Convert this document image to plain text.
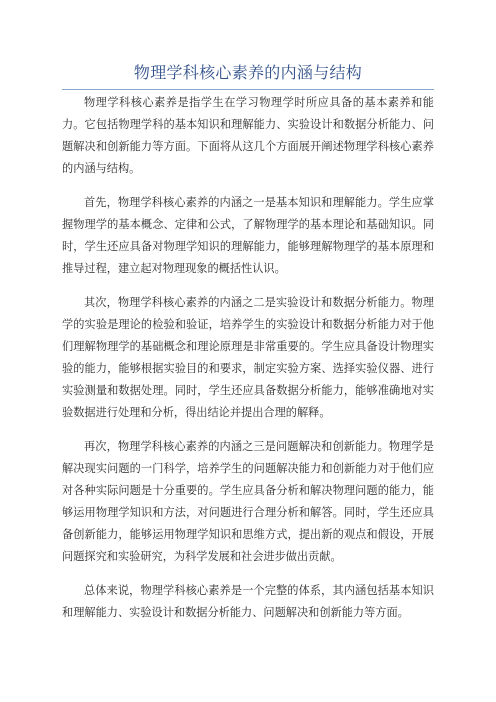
物理学科核心素养的内涵与结构

物理学科核心素养是指学生在学习物理学时所应具备的基本素养和能力。它包括物理学科的基本知识和理解能力、实验设计和数据分析能力、问题解决和创新能力等方面。下面将从这几个方面展开阐述物理学科核心素养的内涵与结构。

首先，物理学科核心素养的内涵之一是基本知识和理解能力。学生应掌握物理学的基本概念、定律和公式，了解物理学的基本理论和基础知识。同时，学生还应具备对物理学知识的理解能力，能够理解物理学的基本原理和推导过程，建立起对物理现象的概括性认识。

其次，物理学科核心素养的内涵之二是实验设计和数据分析能力。物理学的实验是理论的检验和验证，培养学生的实验设计和数据分析能力对于他们理解物理学的基础概念和理论原理是非常重要的。学生应具备设计物理实验的能力，能够根据实验目的和要求，制定实验方案、选择实验仪器、进行实验测量和数据处理。同时，学生还应具备数据分析能力，能够准确地对实验数据进行处理和分析，得出结论并提出合理的解释。

再次，物理学科核心素养的内涵之三是问题解决和创新能力。物理学是解决现实问题的一门科学，培养学生的问题解决能力和创新能力对于他们应对各种实际问题是十分重要的。学生应具备分析和解决物理问题的能力，能够运用物理学知识和方法，对问题进行合理分析和解答。同时，学生还应具备创新能力，能够运用物理学知识和思维方式，提出新的观点和假设，开展问题探究和实验研究，为科学发展和社会进步做出贡献。

总体来说，物理学科核心素养是一个完整的体系，其内涵包括基本知识和理解能力、实验设计和数据分析能力、问题解决和创新能力等方面。
